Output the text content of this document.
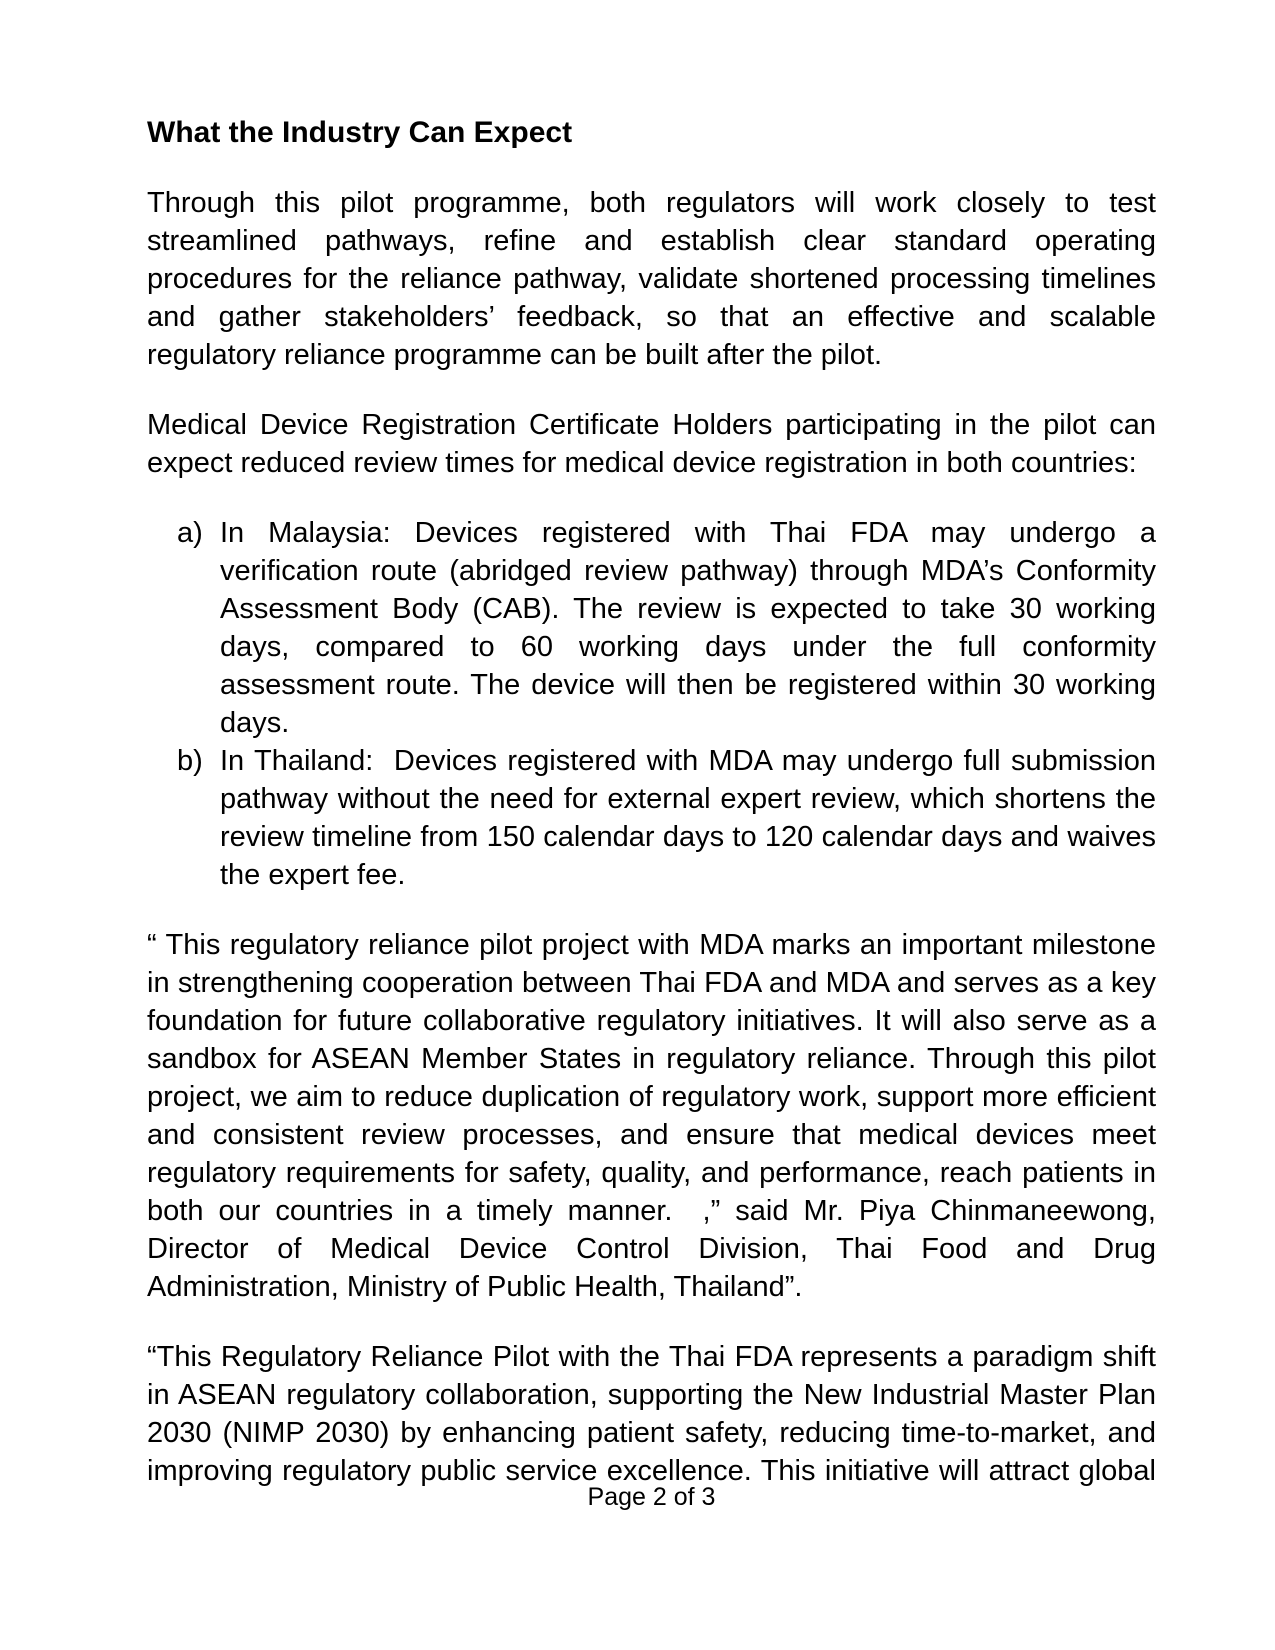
What the Industry Can Expect

Through this pilot programme, both regulators will work closely to test streamlined pathways, refine and establish clear standard operating procedures for the reliance pathway, validate shortened processing timelines and gather stakeholders’ feedback, so that an effective and scalable regulatory reliance programme can be built after the pilot.

Medical Device Registration Certificate Holders participating in the pilot can expect reduced review times for medical device registration in both countries:

a) In Malaysia: Devices registered with Thai FDA may undergo a verification route (abridged review pathway) through MDA’s Conformity Assessment Body (CAB). The review is expected to take 30 working days, compared to 60 working days under the full conformity assessment route. The device will then be registered within 30 working days.
b) In Thailand:  Devices registered with MDA may undergo full submission pathway without the need for external expert review, which shortens the review timeline from 150 calendar days to 120 calendar days and waives the expert fee.

“ This regulatory reliance pilot project with MDA marks an important milestone in strengthening cooperation between Thai FDA and MDA and serves as a key foundation for future collaborative regulatory initiatives. It will also serve as a sandbox for ASEAN Member States in regulatory reliance. Through this pilot project, we aim to reduce duplication of regulatory work, support more efficient and consistent review processes, and ensure that medical devices meet regulatory requirements for safety, quality, and performance, reach patients in both our countries in a timely manner.  ,” said Mr. Piya Chinmaneewong, Director of Medical Device Control Division, Thai Food and Drug Administration, Ministry of Public Health, Thailand”.

“This Regulatory Reliance Pilot with the Thai FDA represents a paradigm shift in ASEAN regulatory collaboration, supporting the New Industrial Master Plan 2030 (NIMP 2030) by enhancing patient safety, reducing time-to-market, and improving regulatory public service excellence. This initiative will attract global

Page 2 of 3
